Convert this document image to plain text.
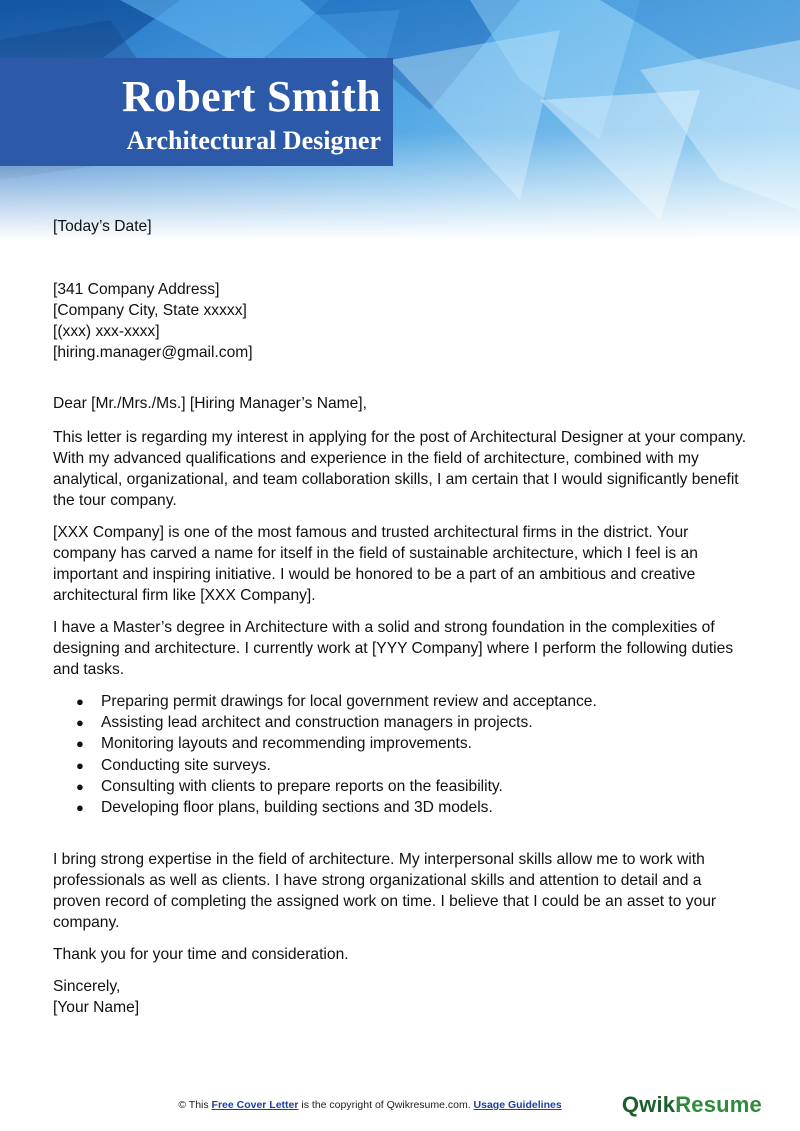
Robert Smith
Architectural Designer

[Today’s Date]

[341 Company Address]
[Company City, State xxxxx]
[(xxx) xxx-xxxx]
[hiring.manager@gmail.com]

Dear [Mr./Mrs./Ms.] [Hiring Manager’s Name],

This letter is regarding my interest in applying for the post of Architectural Designer at your company. With my advanced qualifications and experience in the field of architecture, combined with my analytical, organizational, and team collaboration skills, I am certain that I would significantly benefit the tour company.

[XXX Company] is one of the most famous and trusted architectural firms in the district. Your company has carved a name for itself in the field of sustainable architecture, which I feel is an important and inspiring initiative. I would be honored to be a part of an ambitious and creative architectural firm like [XXX Company].

I have a Master’s degree in Architecture with a solid and strong foundation in the complexities of designing and architecture. I currently work at [YYY Company] where I perform the following duties and tasks.

● Preparing permit drawings for local government review and acceptance.
● Assisting lead architect and construction managers in projects.
● Monitoring layouts and recommending improvements.
● Conducting site surveys.
● Consulting with clients to prepare reports on the feasibility.
● Developing floor plans, building sections and 3D models.

I bring strong expertise in the field of architecture. My interpersonal skills allow me to work with professionals as well as clients. I have strong organizational skills and attention to detail and a proven record of completing the assigned work on time. I believe that I could be an asset to your company.

Thank you for your time and consideration.

Sincerely,
[Your Name]

© This Free Cover Letter is the copyright of Qwikresume.com. Usage Guidelines	QwikResume
